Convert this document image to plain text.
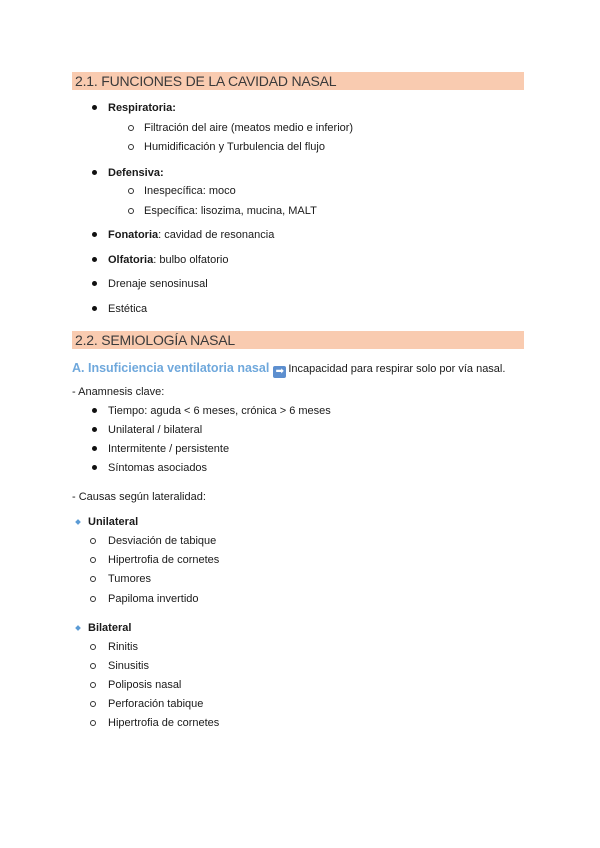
2.1. FUNCIONES DE LA CAVIDAD NASAL
Respiratoria:
Filtración del aire (meatos medio e inferior)
Humidificación y Turbulencia del flujo
Defensiva:
Inespecífica: moco
Específica: lisozima, mucina, MALT
Fonatoria: cavidad de resonancia
Olfatoria: bulbo olfatorio
Drenaje senosinusal
Estética
2.2. SEMIOLOGÍA NASAL
A. Insuficiencia ventilatoria nasal ➡ Incapacidad para respirar solo por vía nasal.
- Anamnesis clave:
Tiempo: aguda < 6 meses, crónica > 6 meses
Unilateral / bilateral
Intermitente / persistente
Síntomas asociados
- Causas según lateralidad:
Unilateral
Desviación de tabique
Hipertrofia de cornetes
Tumores
Papiloma invertido
Bilateral
Rinitis
Sinusitis
Poliposis nasal
Perforación tabique
Hipertrofia de cornetes
